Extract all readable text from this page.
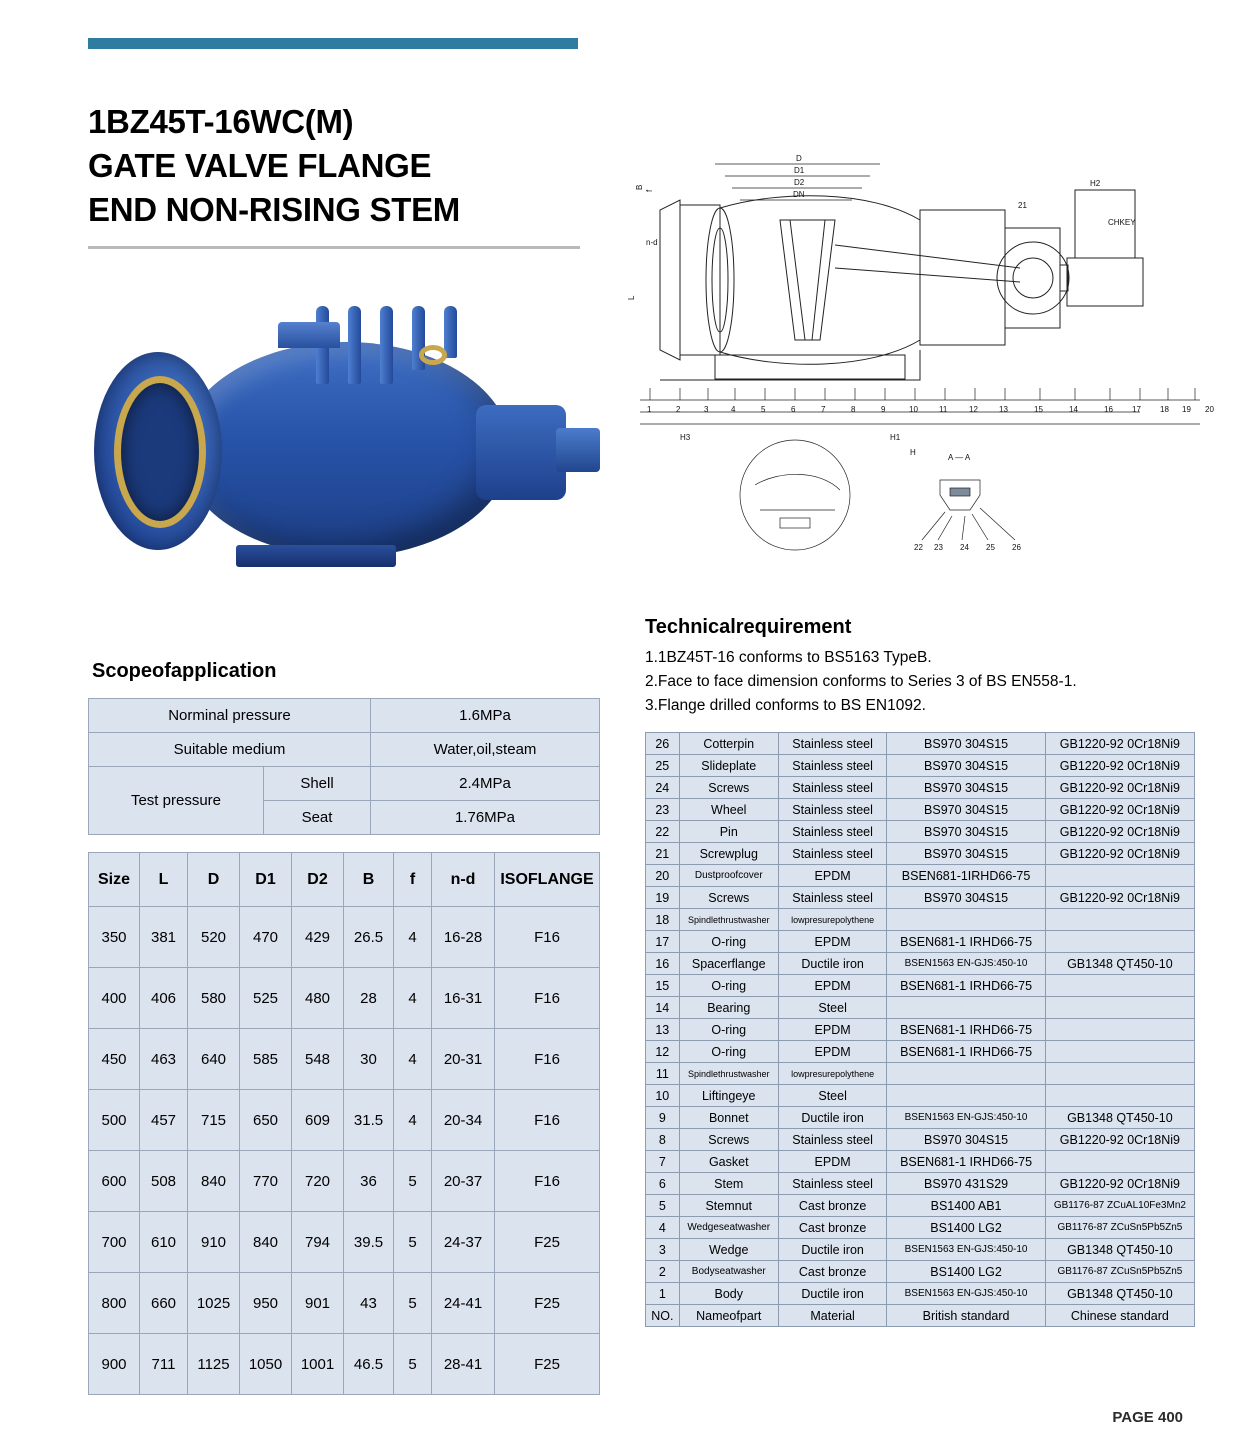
1BZ45T-16WC(M)
GATE VALVE FLANGE
END NON-RISING STEM
D
D1
D2
DN
B
f
n-d
L
H2
21
CHKEY
1	2	3	4	5	6	7	8	9	10	11	12	13	15	14	16 17 18 19 20
H3	H1
H
A — A
22 23 24 25 26
Scopeofapplication
Norminal pressure		1.6MPa
Suitable medium		Water,oil,steam
Test pressure	Shell	2.4MPa
	Seat	1.76MPa
Size	L	D	D1	D2	B	f	n-d	ISOFLANGE
350	381	520	470	429	26.5	4	16-28	F16
400	406	580	525	480	28	4	16-31	F16
450	463	640	585	548	30	4	20-31	F16
500	457	715	650	609	31.5	4	20-34	F16
600	508	840	770	720	36	5	20-37	F16
700	610	910	840	794	39.5	5	24-37	F25
800	660	1025	950	901	43	5	24-41	F25
900	711	1125	1050	1001	46.5	5	28-41	F25
Technicalrequirement
1.1BZ45T-16 conforms to BS5163 TypeB.
2.Face to face dimension conforms to Series 3 of BS EN558-1.
3.Flange drilled conforms to BS EN1092.
26	Cotterpin	Stainless steel	BS970 304S15	GB1220-92 0Cr18Ni9
25	Slideplate	Stainless steel	BS970 304S15	GB1220-92 0Cr18Ni9
24	Screws	Stainless steel	BS970 304S15	GB1220-92 0Cr18Ni9
23	Wheel	Stainless steel	BS970 304S15	GB1220-92 0Cr18Ni9
22	Pin	Stainless steel	BS970 304S15	GB1220-92 0Cr18Ni9
21	Screwplug	Stainless steel	BS970 304S15	GB1220-92 0Cr18Ni9
20	Dustproofcover	EPDM	BSEN681-1IRHD66-75	
19	Screws	Stainless steel	BS970 304S15	GB1220-92 0Cr18Ni9
18	Spindlethrustwasher	lowpresurepolythene		
17	O-ring	EPDM	BSEN681-1 IRHD66-75	
16	Spacerflange	Ductile iron	BSEN1563 EN-GJS:450-10	GB1348 QT450-10
15	O-ring	EPDM	BSEN681-1 IRHD66-75	
14	Bearing	Steel		
13	O-ring	EPDM	BSEN681-1 IRHD66-75	
12	O-ring	EPDM	BSEN681-1 IRHD66-75	
11	Spindlethrustwasher	lowpresurepolythene		
10	Liftingeye	Steel		
9	Bonnet	Ductile iron	BSEN1563 EN-GJS:450-10	GB1348 QT450-10
8	Screws	Stainless steel	BS970 304S15	GB1220-92 0Cr18Ni9
7	Gasket	EPDM	BSEN681-1 IRHD66-75	
6	Stem	Stainless steel	BS970 431S29	GB1220-92 0Cr18Ni9
5	Stemnut	Cast bronze	BS1400 AB1	GB1176-87 ZCuAL10Fe3Mn2
4	Wedgeseatwasher	Cast bronze	BS1400 LG2	GB1176-87 ZCuSn5Pb5Zn5
3	Wedge	Ductile iron	BSEN1563 EN-GJS:450-10	GB1348 QT450-10
2	Bodyseatwasher	Cast bronze	BS1400 LG2	GB1176-87 ZCuSn5Pb5Zn5
1	Body	Ductile iron	BSEN1563 EN-GJS:450-10	GB1348 QT450-10
NO.	Nameofpart	Material	British standard	Chinese standard
PAGE 400
